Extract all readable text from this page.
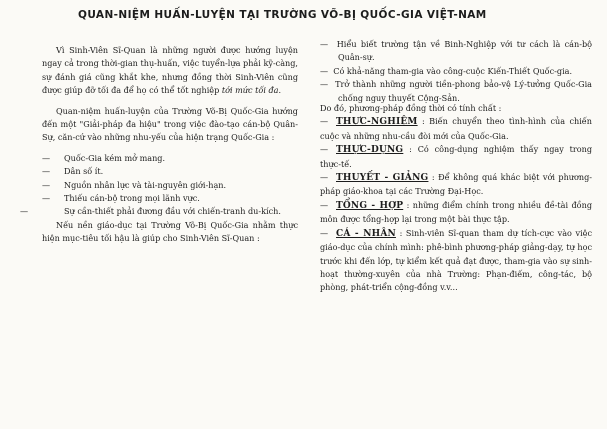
QUAN-NIỆM HUẤN-LUYỆN TẠI TRƯỜNG VÕ-BỊ QUỐC-GIA VIỆT-NAM

Vì Sinh-Viên Sĩ-Quan là những người được hướng luyện ngay cả trong thời-gian thụ-huấn, việc tuyển-lựa phải kỹ-càng, sự đánh giá cũng khắt khe, nhưng đồng thời Sinh-Viên cũng được giúp đỡ tối đa để họ có thể tốt nghiệp tới mức tối đa.

Quan-niệm huấn-luyện của Trường Võ-Bị Quốc-Gia hướng đến một "Giải-pháp đa hiệu" trong việc đào-tạo cán-bộ Quân-Sự, căn-cứ vào những nhu-yếu của hiện trạng Quốc-Gia :

— Quốc-Gia kém mở mang.

— Dân số ít.

— Nguồn nhân lực và tài-nguyên giới-hạn.

— Thiếu cán-bộ trong mọi lãnh vực.

—	Sự cần-thiết phải đương đầu với chiến-tranh du-kích.

Nếu nền giáo-dục tại Trường Võ-Bị Quốc-Gia nhằm thực hiện mục-tiêu tối hậu là giúp cho Sinh-Viên Sĩ-Quan :

—  Hiểu biết trường tận về Binh-Nghiệp với tư cách là cán-bộ Quân-sự.

—  Có khả-năng tham-gia vào công-cuộc Kiến-Thiết Quốc-gia.

—  Trở thành những người tiền-phong bảo-vệ Lý-tưởng Quốc-Gia chống nguy thuyết Cộng-Sản.

Do đó, phương-pháp đồng thời có tính chất :

— THỰC-NGHIỆM : Biến chuyển theo tình-hình của chiến cuộc và những nhu-cầu đòi mới của Quốc-Gia.

— THỰC-DỤNG : Có công-dụng nghiệm thấy ngay trong thực-tế.

— THUYẾT - GIẢNG : Để không quá khác biệt với phương-pháp giáo-khoa tại các Trường Đại-Học.

— TỔNG - HỢP : những điểm chính trong nhiều đề-tài đồng môn được tổng-hợp lại trong một bài thực tập.

— CÁ - NHÂN : Sinh-viên Sĩ-quan tham dự tích-cực vào việc giáo-dục của chính mình: phê-bình phương-pháp giảng-dạy, tự học trước khi đến lớp, tự kiểm kết quả đạt được, tham-gia vào sự sinh-hoạt thường-xuyên của nhà Trường: Phạn-điếm, công-tác, bộ phòng, phát-triển cộng-đồng v.v...
